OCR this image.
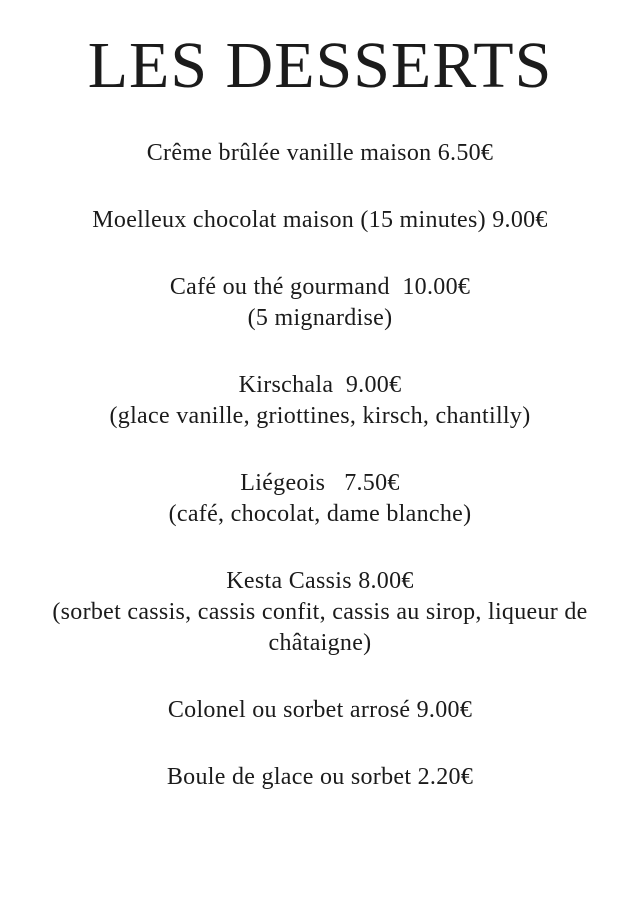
LES DESSERTS
Crême brûlée vanille maison 6.50€
Moelleux chocolat maison (15 minutes) 9.00€
Café ou thé gourmand  10.00€
(5 mignardise)
Kirschala  9.00€
(glace vanille, griottines, kirsch, chantilly)
Liégeois   7.50€
(café, chocolat, dame blanche)
Kesta Cassis 8.00€
(sorbet cassis, cassis confit, cassis au sirop, liqueur de châtaigne)
Colonel ou sorbet arrosé 9.00€
Boule de glace ou sorbet 2.20€
